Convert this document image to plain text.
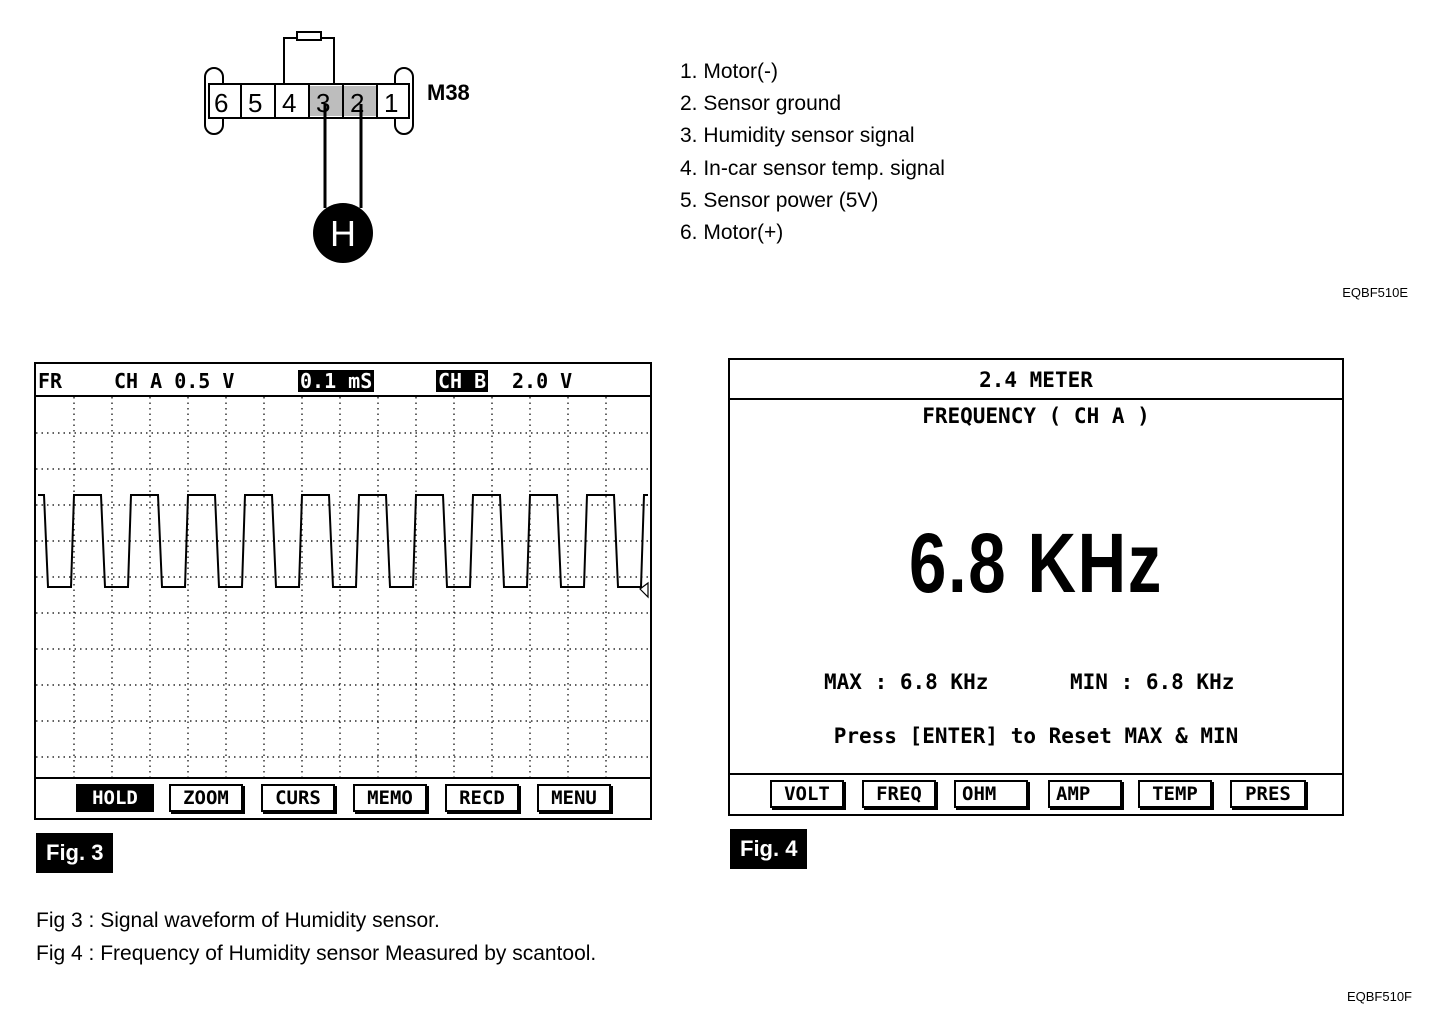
6 5 4 3 2 1
H
M38
1. Motor(-)
2. Sensor ground
3. Humidity sensor signal
4. In-car sensor temp. signal
5. Sensor power (5V)
6. Motor(+)
EQBF510E
FR	CH A 0.5 V	0.1 mS	CH B 2.0 V
HOLD	ZOOM	CURS	MEMO	RECD	MENU
Fig. 3
2.4 METER
FREQUENCY ( CH A )
6.8 KHz
MAX : 6.8 KHz	MIN : 6.8 KHz
Press [ENTER] to Reset MAX & MIN
VOLT	FREQ	OHM	AMP	TEMP	PRES
Fig. 4
Fig 3 : Signal waveform of Humidity sensor.
Fig 4 : Frequency of Humidity sensor Measured by scantool.
EQBF510F
